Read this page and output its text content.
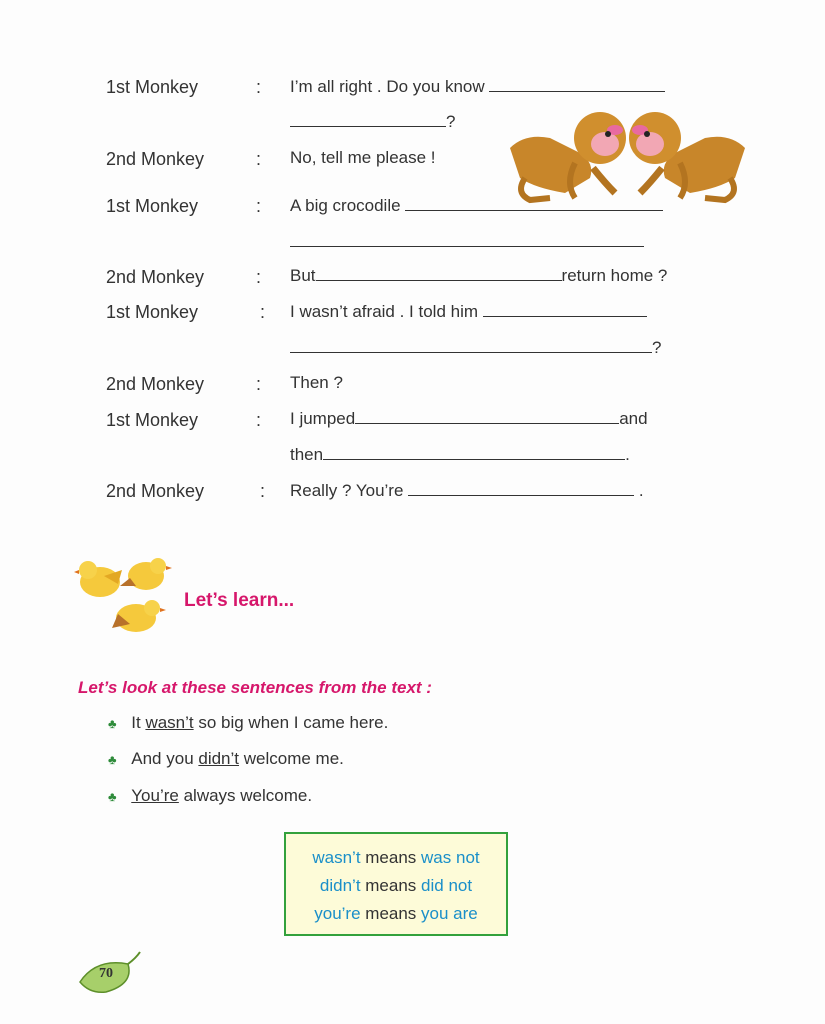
1st Monkey	: I’m all right . Do you know
?
2nd Monkey	: No, tell me please !
1st Monkey	: A big crocodile
2nd Monkey	: But	return home ?
1st Monkey	: I wasn’t afraid . I told him
?
2nd Monkey	: Then ?
1st Monkey	: I jumped	and
then	.
2nd Monkey	: Really ? You’re	.
Let’s learn...
Let’s look at these sentences from the text :
♣ It wasn’t so big when I came here.
♣ And you didn’t welcome me.
♣ You’re always welcome.
wasn’t means was not
didn’t means did not
you’re means you are
70
